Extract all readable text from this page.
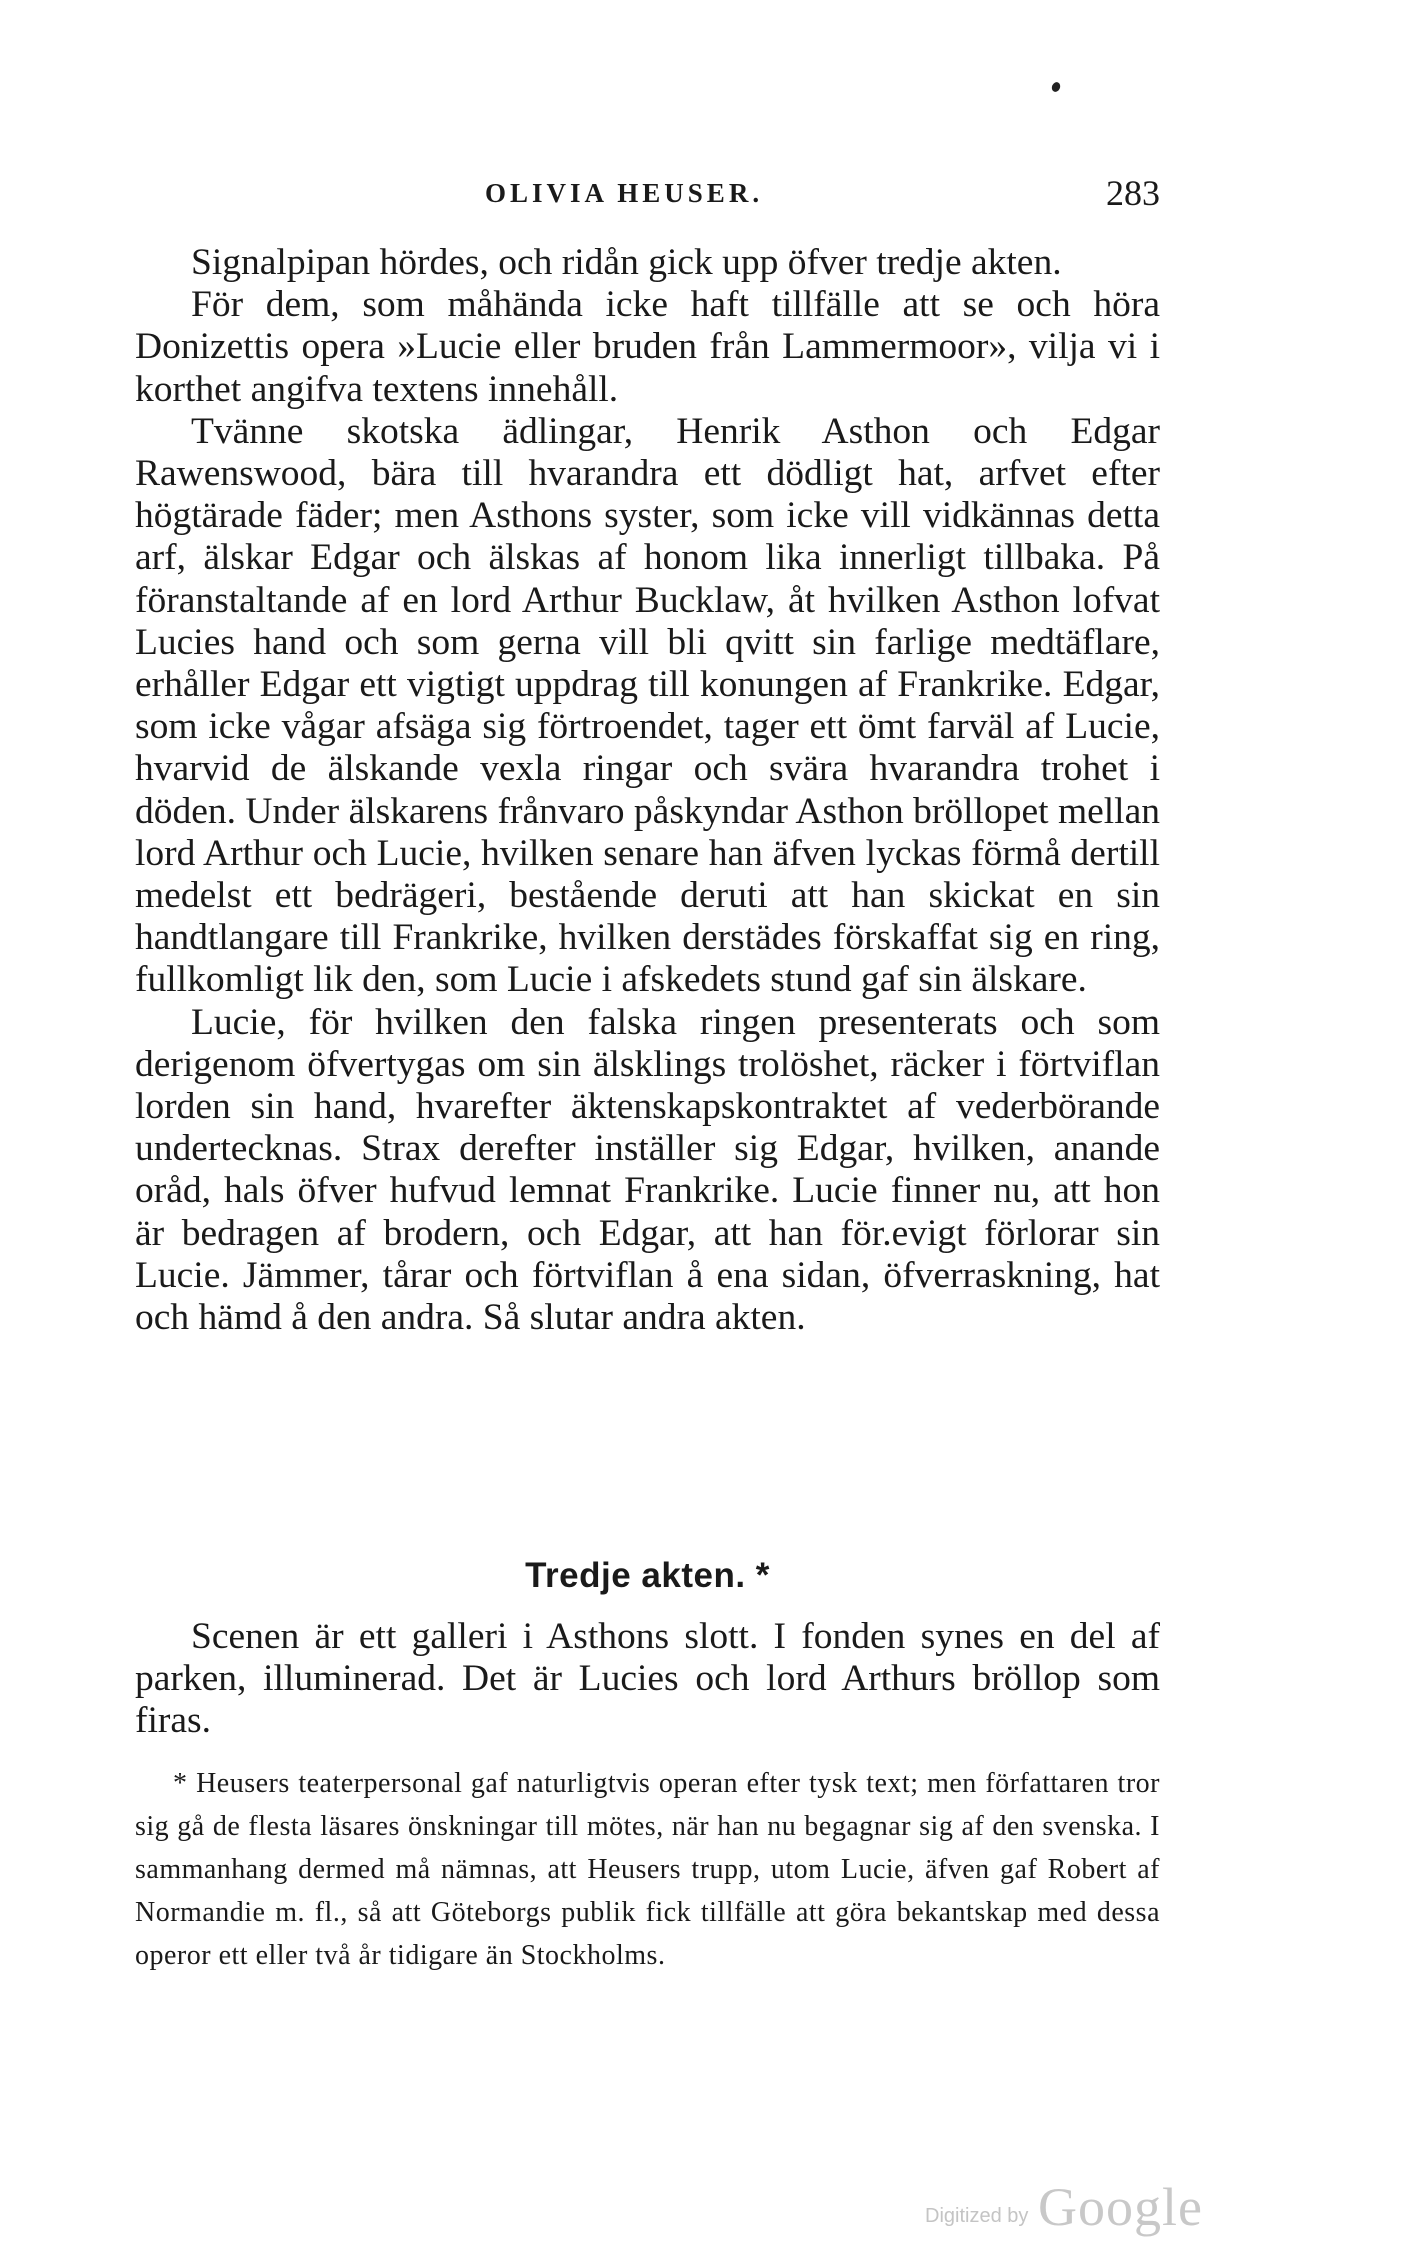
OLIVIA HEUSER.	283

Signalpipan hördes, och ridån gick upp öfver tredje akten.

För dem, som måhända icke haft tillfälle att se och höra Donizettis opera »Lucie eller bruden från Lammermoor», vilja vi i korthet angifva textens innehåll.

Tvänne skotska ädlingar, Henrik Asthon och Edgar Rawenswood, bära till hvarandra ett dödligt hat, arfvet efter högtärade fäder; men Asthons syster, som icke vill vidkännas detta arf, älskar Edgar och älskas af honom lika innerligt tillbaka. På föranstaltande af en lord Arthur Bucklaw, åt hvilken Asthon lofvat Lucies hand och som gerna vill bli qvitt sin farlige medtäflare, erhåller Edgar ett vigtigt uppdrag till konungen af Frankrike. Edgar, som icke vågar afsäga sig förtroendet, tager ett ömt farväl af Lucie, hvarvid de älskande vexla ringar och svära hvarandra trohet i döden. Under älskarens frånvaro påskyndar Asthon bröllopet mellan lord Arthur och Lucie, hvilken senare han äfven lyckas förmå dertill medelst ett bedrägeri, bestående deruti att han skickat en sin handtlangare till Frankrike, hvilken derstädes förskaffat sig en ring, fullkomligt lik den, som Lucie i afskedets stund gaf sin älskare.

Lucie, för hvilken den falska ringen presenterats och som derigenom öfvertygas om sin älsklings trolöshet, räcker i förtviflan lorden sin hand, hvarefter äktenskapskontraktet af vederbörande undertecknas. Strax derefter inställer sig Edgar, hvilken, anande oråd, hals öfver hufvud lemnat Frankrike. Lucie finner nu, att hon är bedragen af brodern, och Edgar, att han för.evigt förlorar sin Lucie. Jämmer, tårar och förtviflan å ena sidan, öfverraskning, hat och hämd å den andra. Så slutar andra akten.

Tredje akten. *

Scenen är ett galleri i Asthons slott. I fonden synes en del af parken, illuminerad. Det är Lucies och lord Arthurs bröllop som firas.

* Heusers teaterpersonal gaf naturligtvis operan efter tysk text; men författaren tror sig gå de flesta läsares önskningar till mötes, när han nu begagnar sig af den svenska. I sammanhang dermed må nämnas, att Heusers trupp, utom Lucie, äfven gaf Robert af Normandie m. fl., så att Göteborgs publik fick tillfälle att göra bekantskap med dessa operor ett eller två år tidigare än Stockholms.

Digitized by Google
